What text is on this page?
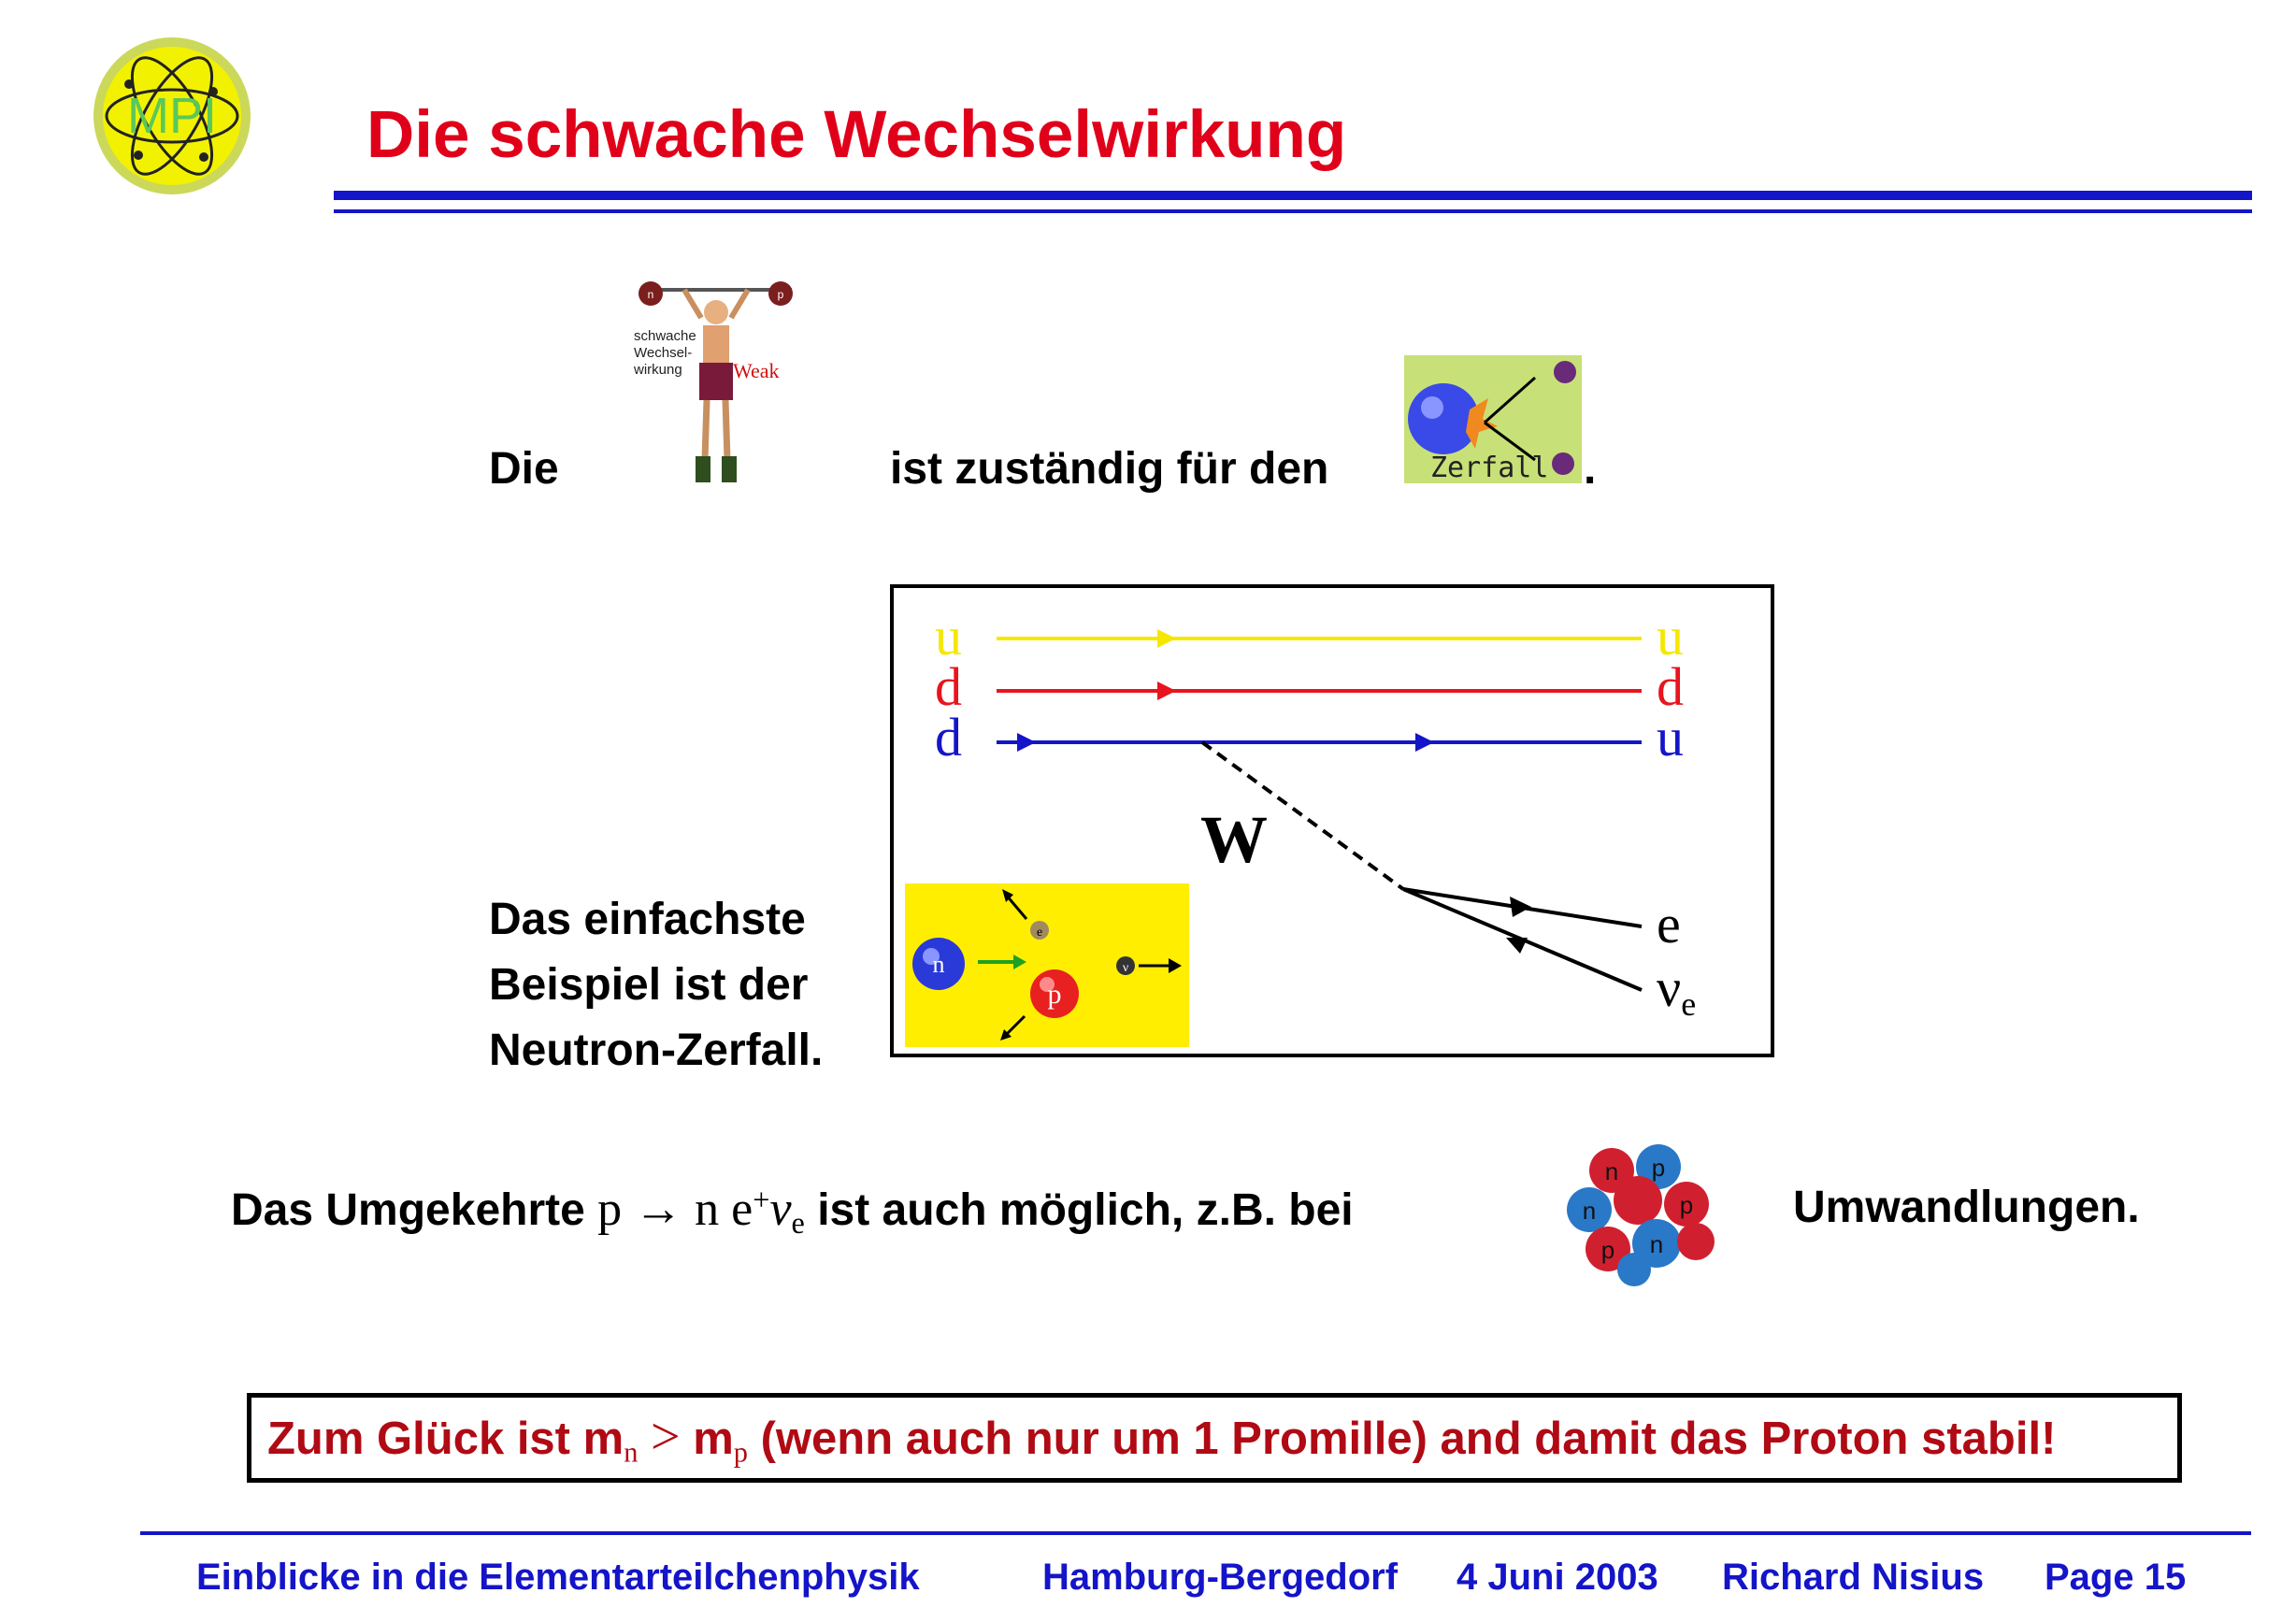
MPI Die schwache Wechselwirkung
Die
n	p
schwache
Wechsel-
wirkung Weak
ist zuständig für den	Zerfall .
Das einfachste
Beispiel ist der
Neutron-Zerfall.
u
d
d
u
d
u
W
e
$\nu_e$
n
e
p
ν
Das Umgekehrte p → n $e^+\nu_e$ ist auch möglich, z.B. bei
n p
n	p
n
p
Umwandlungen.
Zum Glück ist $m_n > m_p$ (wenn auch nur um 1 Promille) and damit das Proton stabil!
Einblicke in die Elementarteilchenphysik	Hamburg-Bergedorf 4 Juni 2003 Richard Nisius Page 15
